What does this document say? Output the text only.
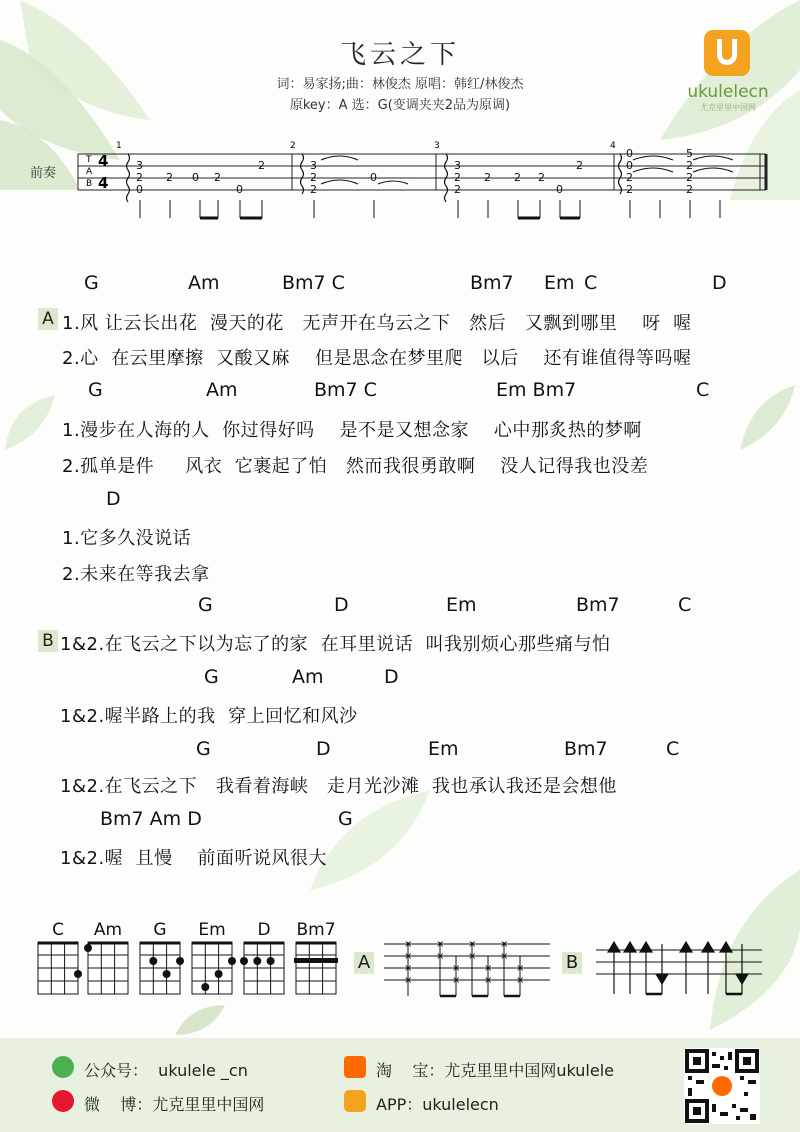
飞云之下
词：易家扬;曲：林俊杰 原唱：韩红/林俊杰
原key：A 选：G(变调夹夹2品为原调)
ukulelecn
尤克里里中国网
前奏
T
A
B
4
4
1	2	3	4
3
2
0
2 0 2
0
2	3
2
2
0
3
2
2
2 2 2
0
2
0
0
2
2
5
2
2
2
A
G	Am	Bm7 C	Bm7 Em C	D
1.风 让云长出花  漫天的花   无声开在乌云之下   然后   又飘到哪里    呀  喔
2.心  在云里摩擦  又酸又麻    但是思念在梦里爬   以后    还有谁值得等吗喔
G	Am	Bm7 C	Em Bm7	C
1.漫步在人海的人  你过得好吗    是不是又想念家    心中那炙热的梦啊
2.孤单是件     风衣  它裹起了怕   然而我很勇敢啊    没人记得我也没差
D
1.它多久没说话
2.未来在等我去拿
B
G	D	Em	Bm7	C
1&2.在飞云之下以为忘了的家  在耳里说话  叫我别烦心那些痛与怕
G	Am	D
1&2.喔半路上的我  穿上回忆和风沙
G	D	Em	Bm7	C
1&2.在飞云之下   我看着海峡   走月光沙滩  我也承认我还是会想他
Bm7 Am D	G
1&2.喔  且慢    前面听说风很大
C	Am	G	Em	D	Bm7
A
×
×
×
×
×
×
×
×
×
×
×
×
×
×
×
×
B
公众号：  ukulele _cn	淘    宝：尤克里里中国网ukulele
微    博：尤克里里中国网	APP：ukulelecn
